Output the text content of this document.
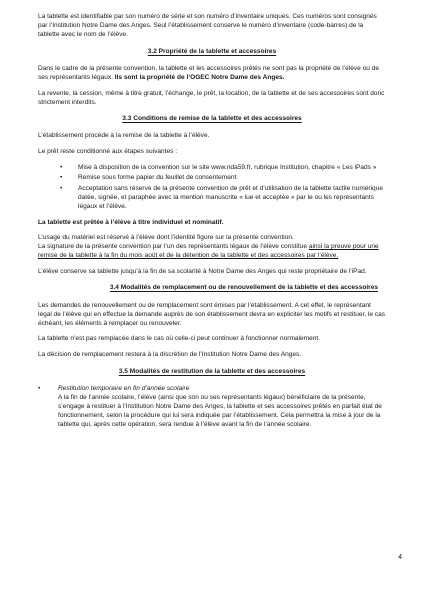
La tablette est identifiable par son numéro de série et son numéro d’inventaire uniques. Ces numéros sont consignés par l’Institution Notre Dame des Anges. Seul l’établissement conserve le numéro d’inventaire (code-barres) de la tablette avec le nom de l’élève.

3.2 Propriété de la tablette et accessoires

Dans le cadre de la présente convention, la tablette et les accessoires prêtés ne sont pas la propriété de l’élève ou de ses représentants légaux. Ils sont la propriété de l’OGEC Notre Dame des Anges.

La revente, la cession, même à titre gratuit, l’échange, le prêt, la location, de la tablette et de ses accessoires sont donc strictement interdits.

3.3 Conditions de remise de la tablette et des accessoires

L’établissement procède à la remise de la tablette à l’élève.

Le prêt reste conditionné aux étapes suivantes :

• Mise à disposition de la convention sur le site www.nda59.fr, rubrique Institution, chapitre « Les iPads »
• Remise sous forme papier du feuillet de consentement
• Acceptation sans réserve de la présente convention de prêt et d’utilisation de la tablette tactile numérique datée, signée, et paraphée avec la mention manuscrite « lue et acceptée » par le ou les représentants légaux et l’élève.

La tablette est prêtée à l’élève à titre individuel et nominatif.

L’usage du matériel est réservé à l’élève dont l’identité figure sur la présente convention.
La signature de la présente convention par l’un des représentants légaux de l’élève constitue ainsi la preuve pour une remise de la tablette à la fin du mois août et de la détention de la tablette et des accessoires par l’élève.

L’élève conserve sa tablette jusqu’à la fin de sa scolarité à Notre Dame des Anges qui reste propriétaire de l’iPad.

3.4 Modalités de remplacement ou de renouvellement de la tablette et des accessoires

Les demandes de renouvellement ou de remplacement sont émises par l’établissement. A cet effet, le représentant légal de l’élève qui en effectue la demande auprès de son établissement devra en expliciter les motifs et restituer, le cas échéant, les éléments à remplacer ou renouveler.

La tablette n’est pas remplacée dans le cas où celle-ci peut continuer à fonctionner normalement.

La décision de remplacement restera à la discrétion de l’Institution Notre Dame des Anges.

3.5 Modalités de restitution de la tablette et des accessoires
•	Restitution temporaire en fin d’année scolaire
A la fin de l’année scolaire, l’élève (ainsi que son ou ses représentants légaux) bénéficiaire de la présente, s’engage à restituer à l’Institution Notre Dame des Anges, la tablette et ses accessoires prêtés en parfait état de fonctionnement, selon la procédure qui lui sera indiquée par l’établissement. Cela permettra la mise à jour de la tablette qui, après cette opération, sera rendue à l’élève avant la fin de l’année scolaire.
4
